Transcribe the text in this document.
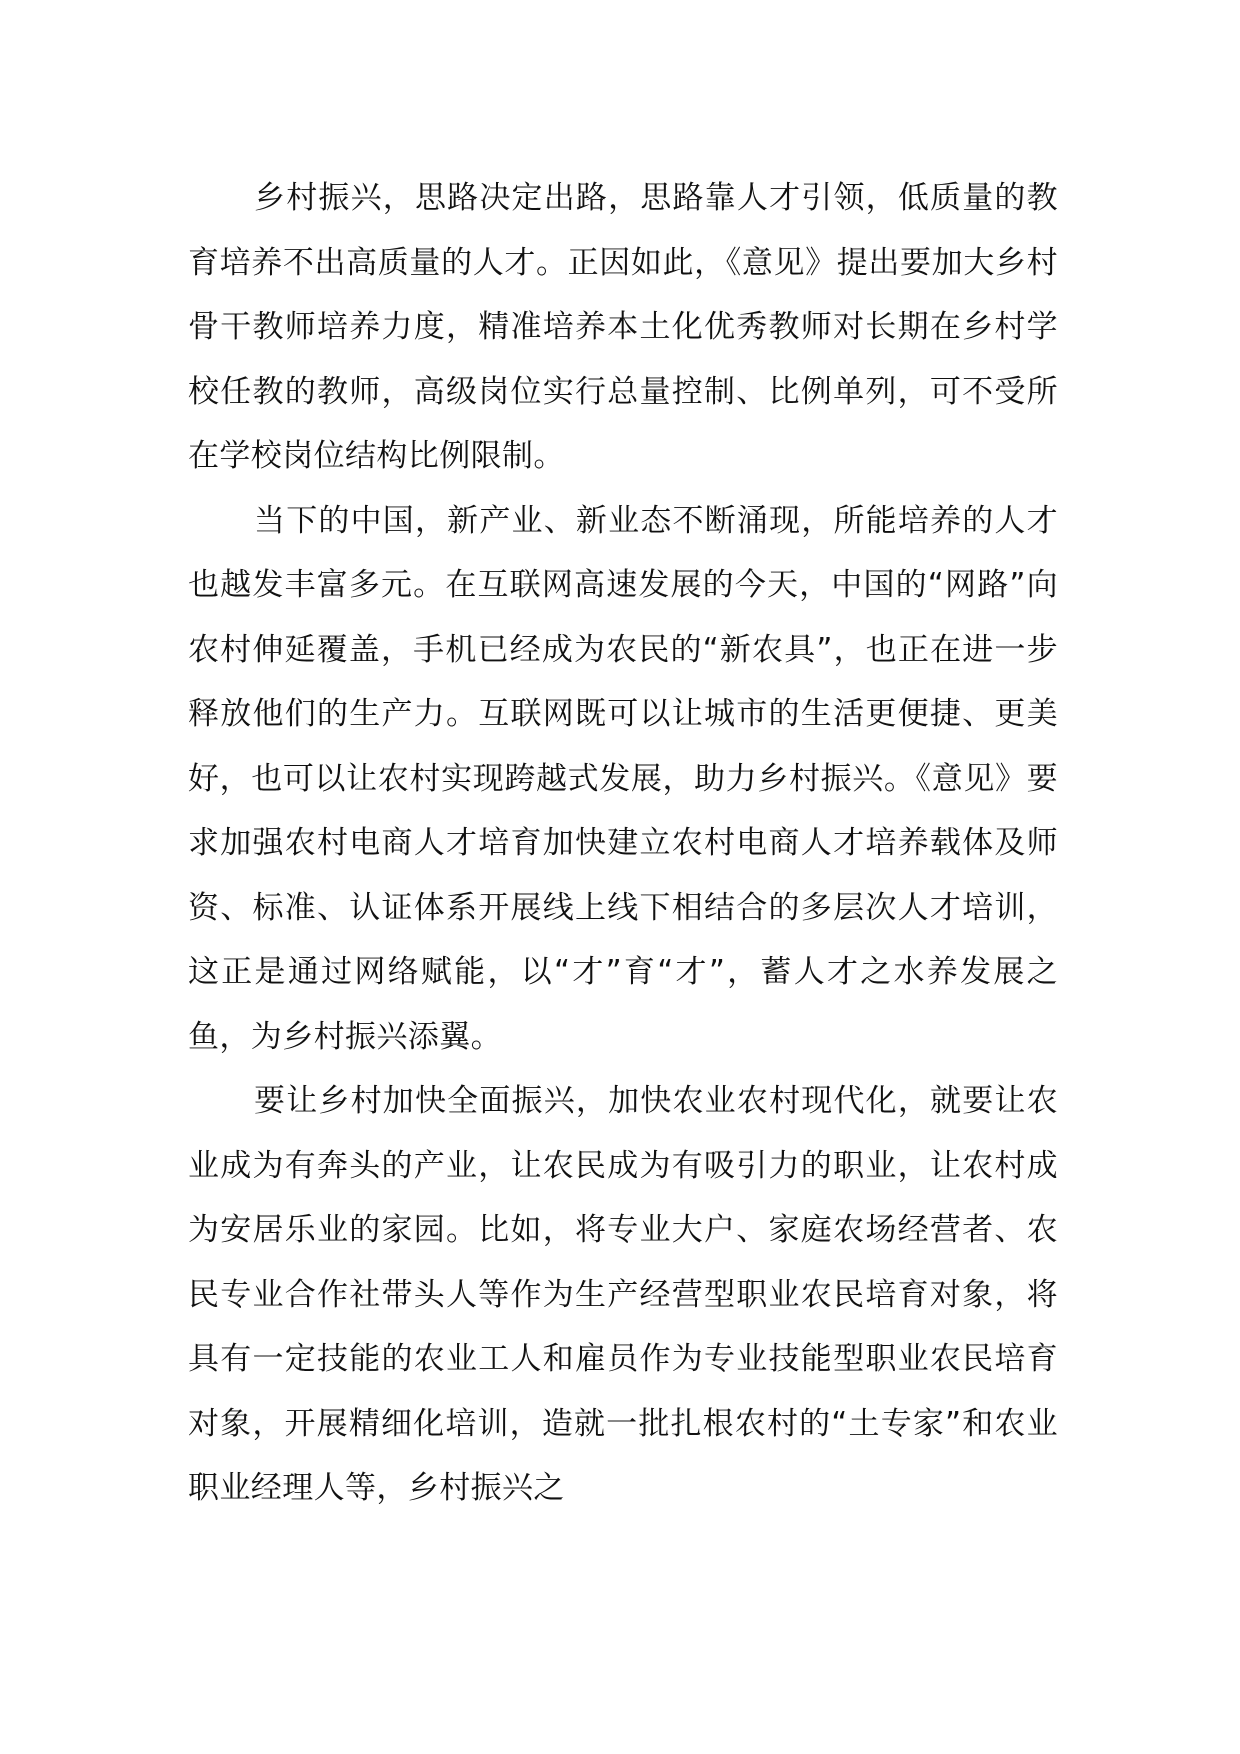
乡村振兴，思路决定出路，思路靠人才引领，低质量的教育培养不出高质量的人才。正因如此，《意见》提出要加大乡村骨干教师培养力度，精准培养本土化优秀教师对长期在乡村学校任教的教师，高级岗位实行总量控制、比例单列，可不受所在学校岗位结构比例限制。

当下的中国，新产业、新业态不断涌现，所能培养的人才也越发丰富多元。在互联网高速发展的今天，中国的“网路”向农村伸延覆盖，手机已经成为农民的“新农具”，也正在进一步释放他们的生产力。互联网既可以让城市的生活更便捷、更美好，也可以让农村实现跨越式发展，助力乡村振兴。《意见》要求加强农村电商人才培育加快建立农村电商人才培养载体及师资、标准、认证体系开展线上线下相结合的多层次人才培训，这正是通过网络赋能，以“才”育“才”，蓄人才之水养发展之鱼，为乡村振兴添翼。

要让乡村加快全面振兴，加快农业农村现代化，就要让农业成为有奔头的产业，让农民成为有吸引力的职业，让农村成为安居乐业的家园。比如，将专业大户、家庭农场经营者、农民专业合作社带头人等作为生产经营型职业农民培育对象，将具有一定技能的农业工人和雇员作为专业技能型职业农民培育对象，开展精细化培训，造就一批扎根农村的“土专家”和农业职业经理人等，乡村振兴之
